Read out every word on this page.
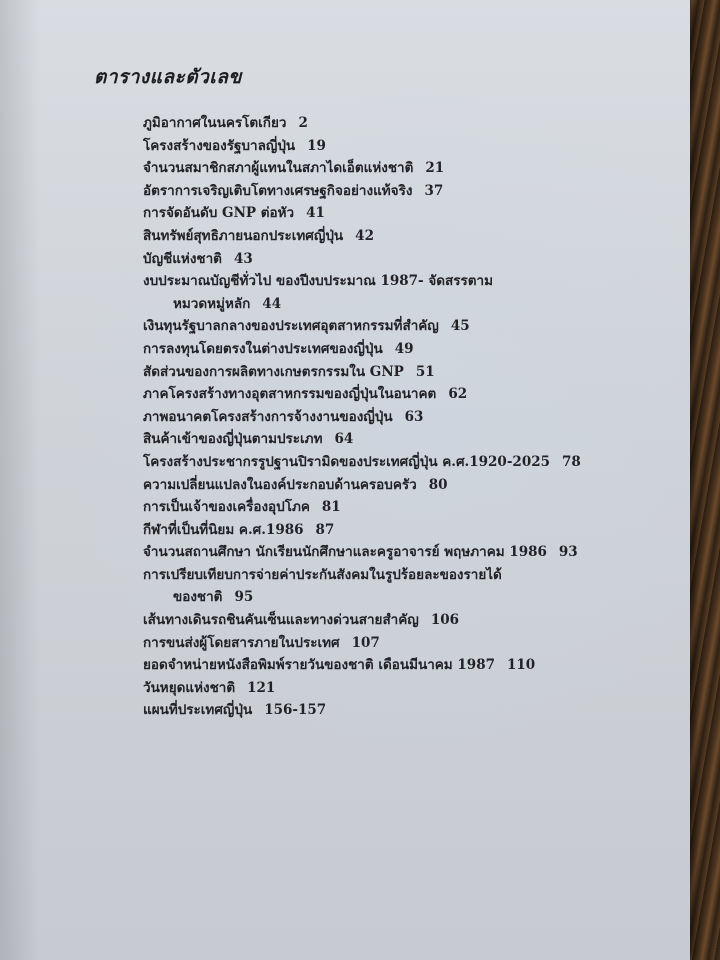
ตารางและตัวเลข
ภูมิอากาศในนครโตเกียว 2
โครงสร้างของรัฐบาลญี่ปุ่น 19
จำนวนสมาชิกสภาผู้แทนในสภาไดเอ็ตแห่งชาติ 21
อัตราการเจริญเติบโตทางเศรษฐกิจอย่างแท้จริง 37
การจัดอันดับ GNP ต่อหัว 41
สินทรัพย์สุทธิภายนอกประเทศญี่ปุ่น 42
บัญชีแห่งชาติ 43
งบประมาณบัญชีทั่วไป ของปีงบประมาณ 1987- จัดสรรตาม
หมวดหมู่หลัก 44
เงินทุนรัฐบาลกลางของประเทศอุตสาหกรรมที่สำคัญ 45
การลงทุนโดยตรงในต่างประเทศของญี่ปุ่น 49
สัดส่วนของการผลิตทางเกษตรกรรมใน GNP 51
ภาคโครงสร้างทางอุตสาหกรรมของญี่ปุ่นในอนาคต 62
ภาพอนาคตโครงสร้างการจ้างงานของญี่ปุ่น 63
สินค้าเข้าของญี่ปุ่นตามประเภท 64
โครงสร้างประชากรรูปฐานปิรามิดของประเทศญี่ปุ่น ค.ศ.1920-2025 78
ความเปลี่ยนแปลงในองค์ประกอบด้านครอบครัว 80
การเป็นเจ้าของเครื่องอุปโภค 81
กีฬาที่เป็นที่นิยม ค.ศ.1986 87
จำนวนสถานศึกษา นักเรียนนักศึกษาและครูอาจารย์ พฤษภาคม 1986 93
การเปรียบเทียบการจ่ายค่าประกันสังคมในรูปร้อยละของรายได้
ของชาติ 95
เส้นทางเดินรถชินคันเซ็นและทางด่วนสายสำคัญ 106
การขนส่งผู้โดยสารภายในประเทศ 107
ยอดจำหน่ายหนังสือพิมพ์รายวันของชาติ เดือนมีนาคม 1987 110
วันหยุดแห่งชาติ 121
แผนที่ประเทศญี่ปุ่น 156-157
